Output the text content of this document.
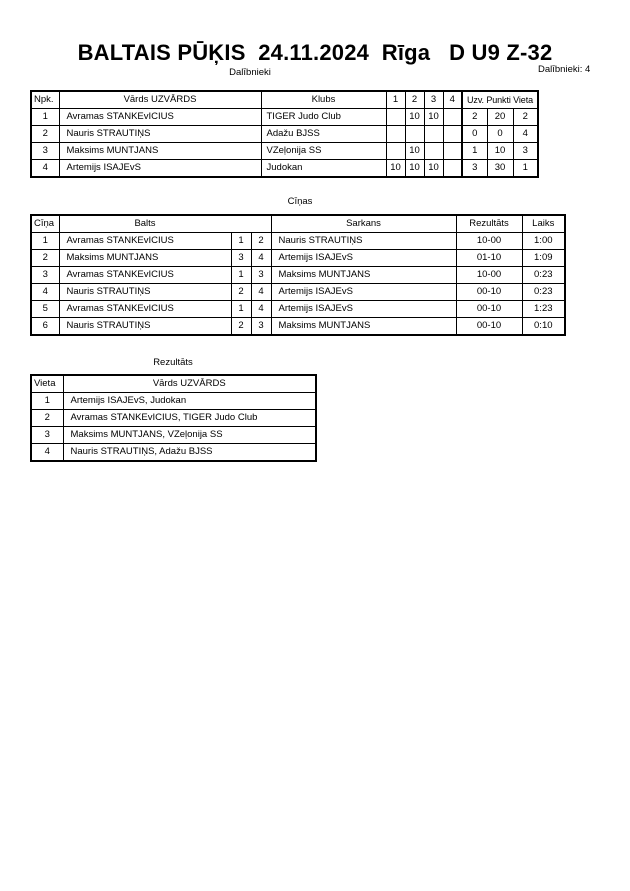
BALTAIS PŪĶIS  24.11.2024  Rīga   D U9 Z-32
Dalībnieki	Dalībnieki: 4
Npk.	Vārds UZVĀRDS	Klubs	1	2	3	4	Uzv. Punkti Vieta		
1	Avramas STANKEvICIUS	TIGER Judo Club		10	10		2	20	2
2	Nauris STRAUTIŅS	Adažu BJSS					0	0	4
3	Maksims MUNTJANS	VZeļonija SS		10			1	10	3
4	Artemijs ISAJEvS	Judokan	10	10	10		3	30	1
Cīņas
Cīņa	Balts			Sarkans	Rezultāts	Laiks
1	Avramas STANKEvICIUS	1	2	Nauris STRAUTIŅS	10-00	1:00
2	Maksims MUNTJANS	3	4	Artemijs ISAJEvS	01-10	1:09
3	Avramas STANKEvICIUS	1	3	Maksims MUNTJANS	10-00	0:23
4	Nauris STRAUTIŅS	2	4	Artemijs ISAJEvS	00-10	0:23
5	Avramas STANKEvICIUS	1	4	Artemijs ISAJEvS	00-10	1:23
6	Nauris STRAUTIŅS	2	3	Maksims MUNTJANS	00-10	0:10
Rezultāts
Vieta	Vārds UZVĀRDS
1	Artemijs ISAJEvS, Judokan
2	Avramas STANKEvICIUS, TIGER Judo Club
3	Maksims MUNTJANS, VZeļonija SS
4	Nauris STRAUTIŅS, Adažu BJSS
